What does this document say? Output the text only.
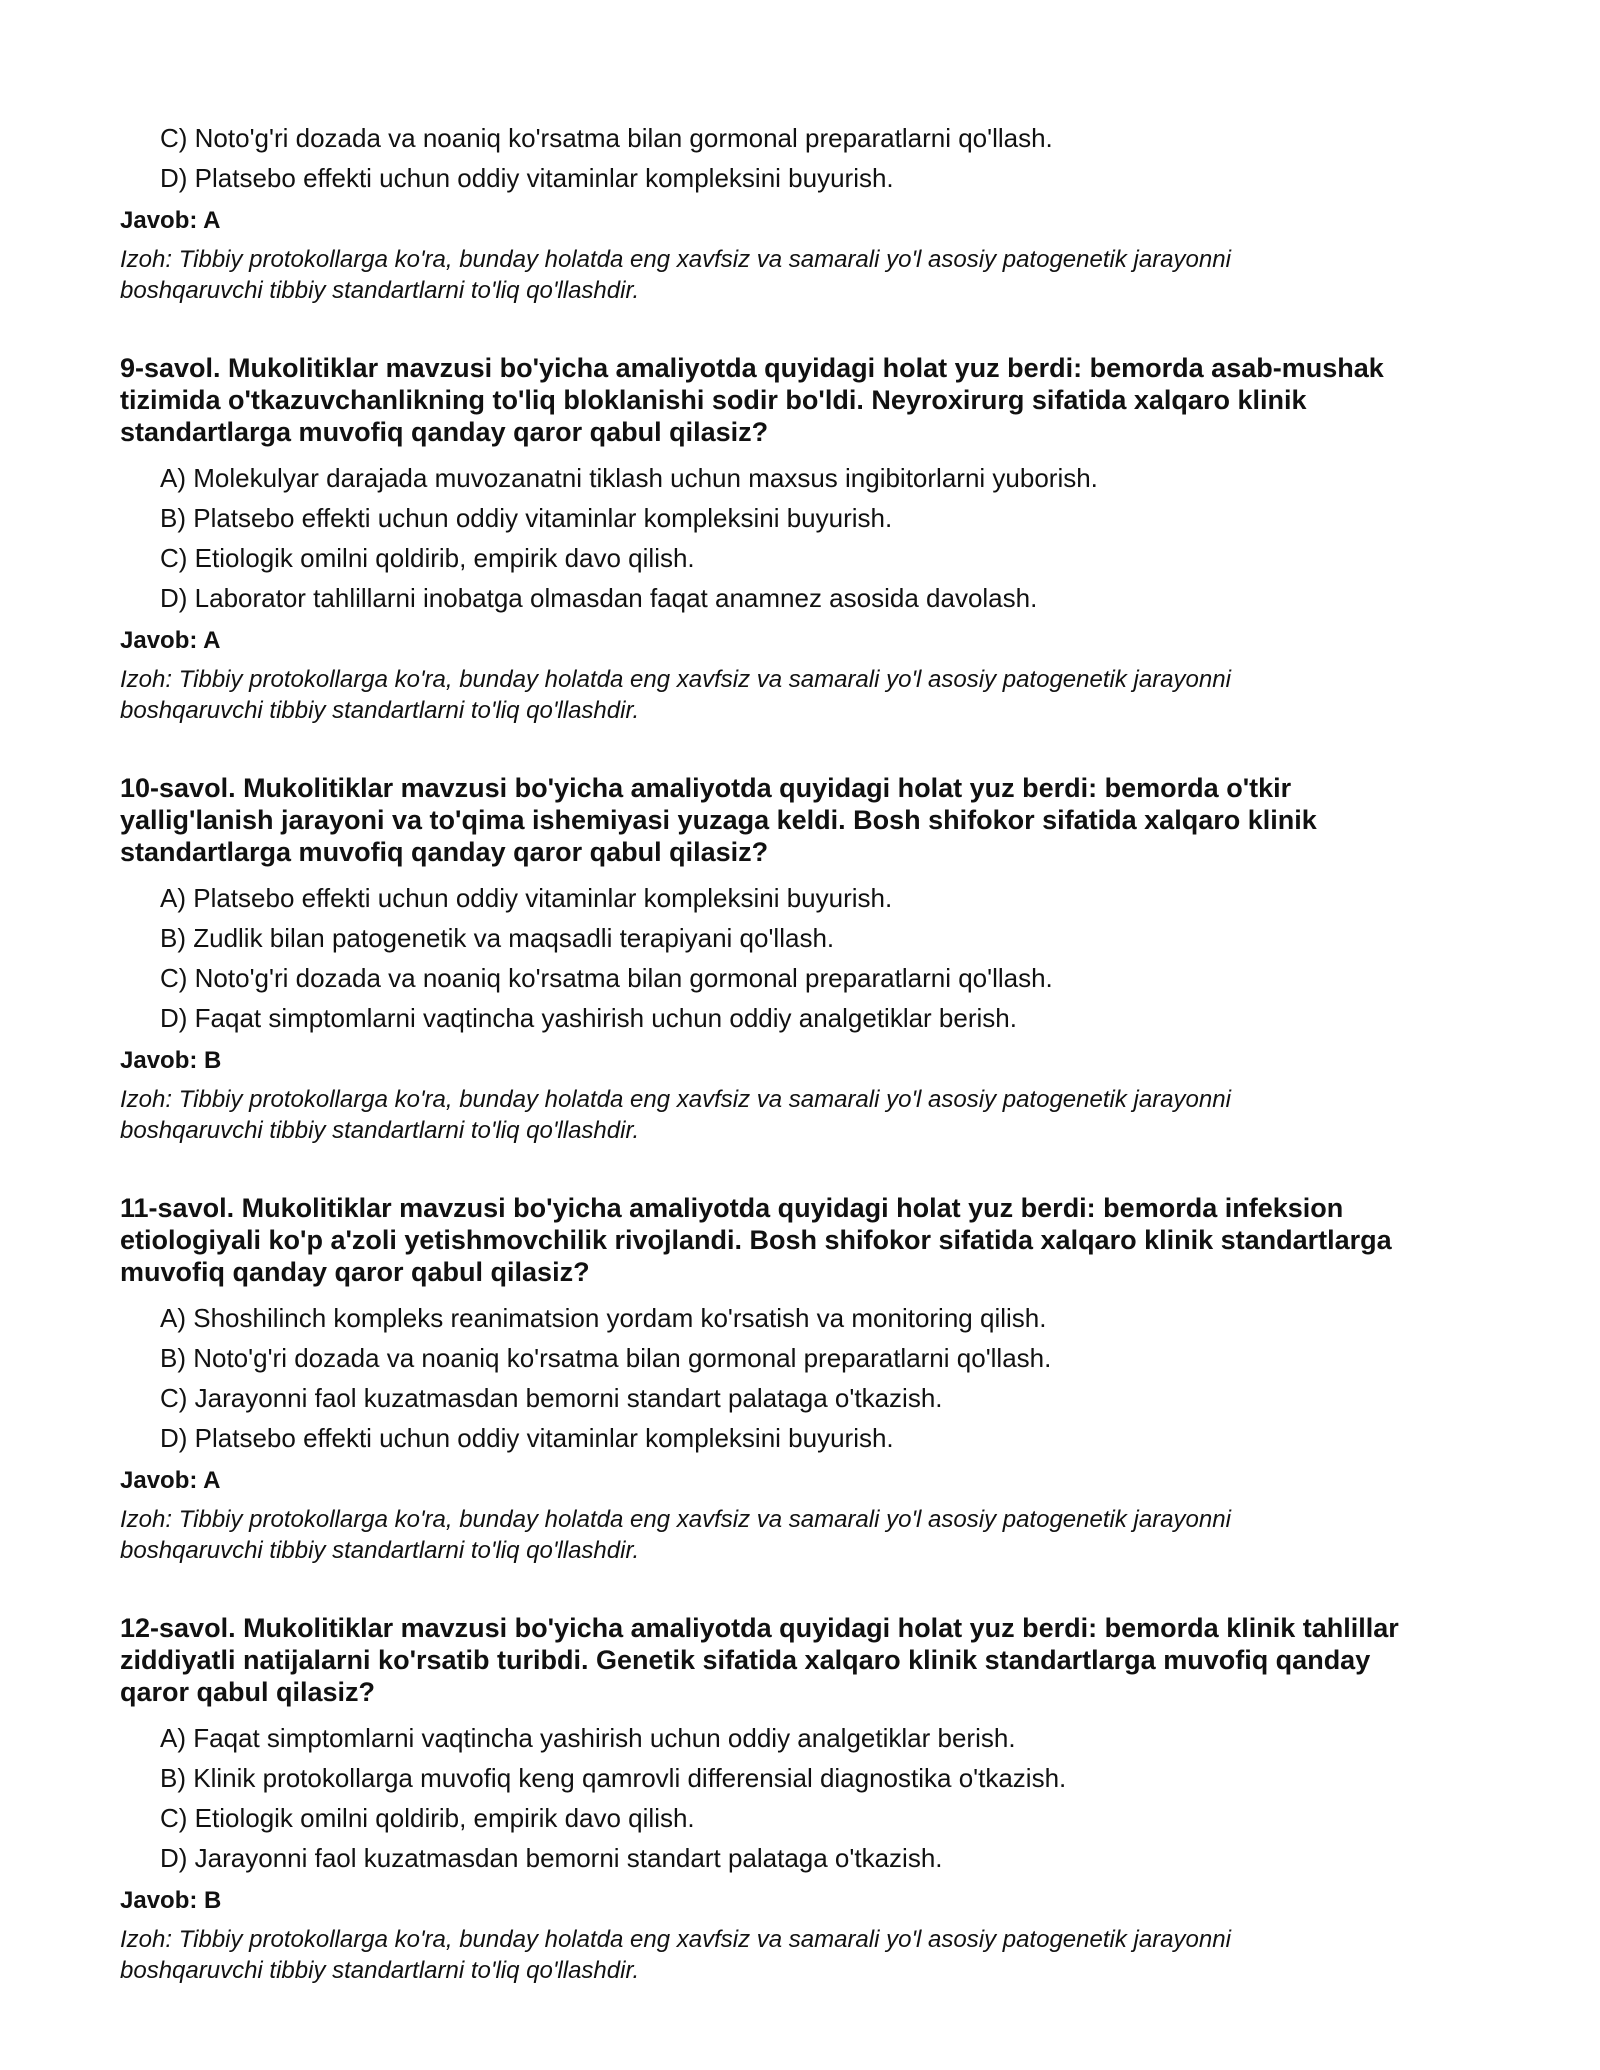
C) Noto'g'ri dozada va noaniq ko'rsatma bilan gormonal preparatlarni qo'llash.
D) Platsebo effekti uchun oddiy vitaminlar kompleksini buyurish.
Javob: A
Izoh: Tibbiy protokollarga ko'ra, bunday holatda eng xavfsiz va samarali yo'l asosiy patogenetik jarayonni
boshqaruvchi tibbiy standartlarni to'liq qo'llashdir.
9-savol. Mukolitiklar mavzusi bo'yicha amaliyotda quyidagi holat yuz berdi: bemorda asab-mushak
tizimida o'tkazuvchanlikning to'liq bloklanishi sodir bo'ldi. Neyroxirurg sifatida xalqaro klinik
standartlarga muvofiq qanday qaror qabul qilasiz?
A) Molekulyar darajada muvozanatni tiklash uchun maxsus ingibitorlarni yuborish.
B) Platsebo effekti uchun oddiy vitaminlar kompleksini buyurish.
C) Etiologik omilni qoldirib, empirik davo qilish.
D) Laborator tahlillarni inobatga olmasdan faqat anamnez asosida davolash.
Javob: A
Izoh: Tibbiy protokollarga ko'ra, bunday holatda eng xavfsiz va samarali yo'l asosiy patogenetik jarayonni
boshqaruvchi tibbiy standartlarni to'liq qo'llashdir.
10-savol. Mukolitiklar mavzusi bo'yicha amaliyotda quyidagi holat yuz berdi: bemorda o'tkir
yallig'lanish jarayoni va to'qima ishemiyasi yuzaga keldi. Bosh shifokor sifatida xalqaro klinik
standartlarga muvofiq qanday qaror qabul qilasiz?
A) Platsebo effekti uchun oddiy vitaminlar kompleksini buyurish.
B) Zudlik bilan patogenetik va maqsadli terapiyani qo'llash.
C) Noto'g'ri dozada va noaniq ko'rsatma bilan gormonal preparatlarni qo'llash.
D) Faqat simptomlarni vaqtincha yashirish uchun oddiy analgetiklar berish.
Javob: B
Izoh: Tibbiy protokollarga ko'ra, bunday holatda eng xavfsiz va samarali yo'l asosiy patogenetik jarayonni
boshqaruvchi tibbiy standartlarni to'liq qo'llashdir.
11-savol. Mukolitiklar mavzusi bo'yicha amaliyotda quyidagi holat yuz berdi: bemorda infeksion
etiologiyali ko'p a'zoli yetishmovchilik rivojlandi. Bosh shifokor sifatida xalqaro klinik standartlarga
muvofiq qanday qaror qabul qilasiz?
A) Shoshilinch kompleks reanimatsion yordam ko'rsatish va monitoring qilish.
B) Noto'g'ri dozada va noaniq ko'rsatma bilan gormonal preparatlarni qo'llash.
C) Jarayonni faol kuzatmasdan bemorni standart palataga o'tkazish.
D) Platsebo effekti uchun oddiy vitaminlar kompleksini buyurish.
Javob: A
Izoh: Tibbiy protokollarga ko'ra, bunday holatda eng xavfsiz va samarali yo'l asosiy patogenetik jarayonni
boshqaruvchi tibbiy standartlarni to'liq qo'llashdir.
12-savol. Mukolitiklar mavzusi bo'yicha amaliyotda quyidagi holat yuz berdi: bemorda klinik tahlillar
ziddiyatli natijalarni ko'rsatib turibdi. Genetik sifatida xalqaro klinik standartlarga muvofiq qanday
qaror qabul qilasiz?
A) Faqat simptomlarni vaqtincha yashirish uchun oddiy analgetiklar berish.
B) Klinik protokollarga muvofiq keng qamrovli differensial diagnostika o'tkazish.
C) Etiologik omilni qoldirib, empirik davo qilish.
D) Jarayonni faol kuzatmasdan bemorni standart palataga o'tkazish.
Javob: B
Izoh: Tibbiy protokollarga ko'ra, bunday holatda eng xavfsiz va samarali yo'l asosiy patogenetik jarayonni
boshqaruvchi tibbiy standartlarni to'liq qo'llashdir.
